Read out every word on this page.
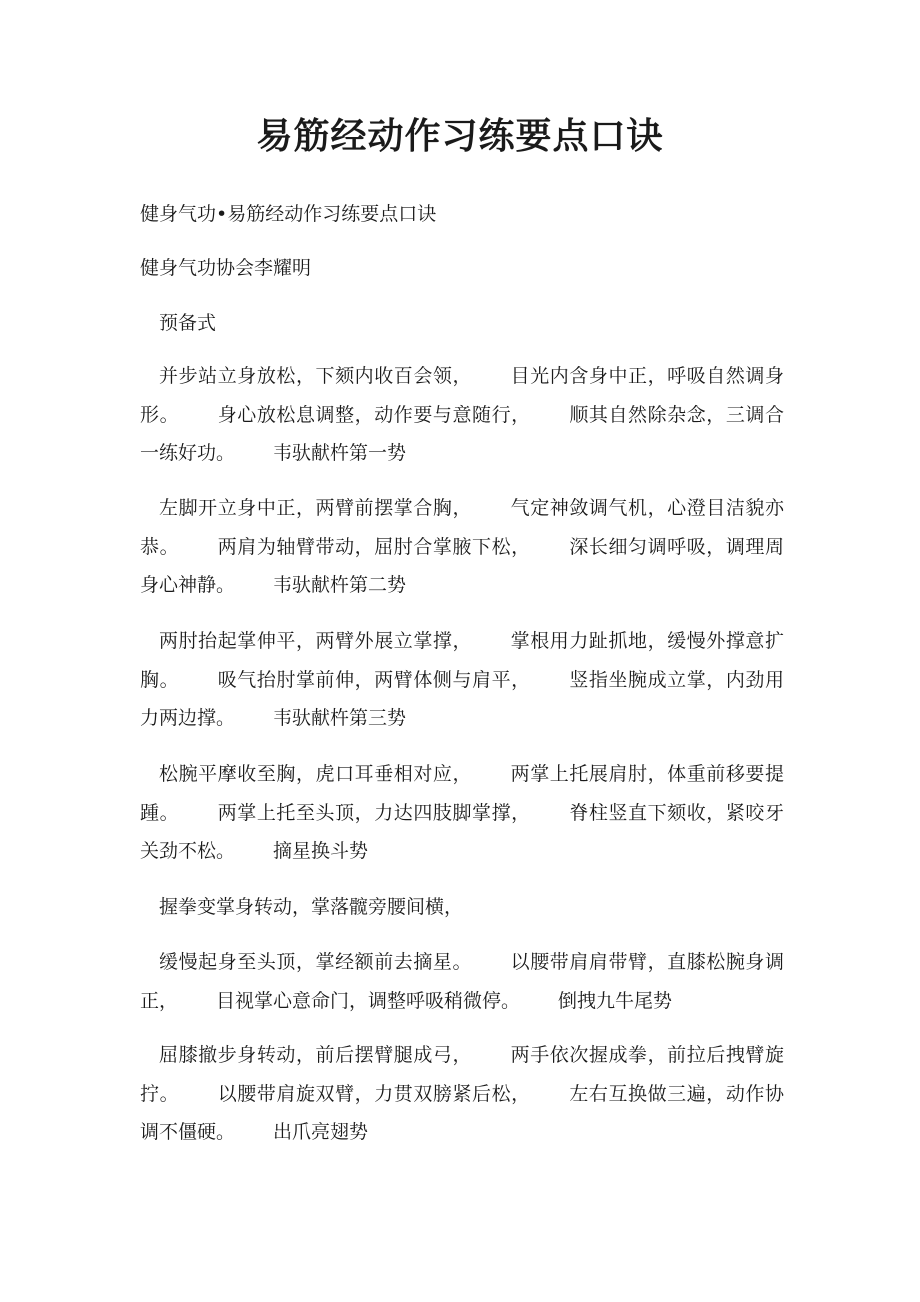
易筋经动作习练要点口诀
健身气功•易筋经动作习练要点口诀
健身气功协会李耀明
预备式
并步站立身放松，下颏内收百会领， 目光内含身中正，呼吸自然调身形。 身心放松息调整，动作要与意随行， 顺其自然除杂念，三调合一练好功。 韦驮献杵第一势
左脚开立身中正，两臂前摆掌合胸， 气定神敛调气机，心澄目洁貌亦恭。 两肩为轴臂带动，屈肘合掌腋下松， 深长细匀调呼吸，调理周身心神静。 韦驮献杵第二势
两肘抬起掌伸平，两臂外展立掌撑， 掌根用力趾抓地，缓慢外撑意扩胸。 吸气抬肘掌前伸，两臂体侧与肩平， 竖指坐腕成立掌，内劲用力两边撑。 韦驮献杵第三势
松腕平摩收至胸，虎口耳垂相对应， 两掌上托展肩肘，体重前移要提踵。 两掌上托至头顶，力达四肢脚掌撑， 脊柱竖直下颏收，紧咬牙关劲不松。 摘星换斗势
握拳变掌身转动，掌落髋旁腰间横，
缓慢起身至头顶，掌经额前去摘星。 以腰带肩肩带臂，直膝松腕身调正， 目视掌心意命门，调整呼吸稍微停。 倒拽九牛尾势
屈膝撤步身转动，前后摆臂腿成弓， 两手依次握成拳，前拉后拽臂旋拧。 以腰带肩旋双臂，力贯双膀紧后松， 左右互换做三遍，动作协调不僵硬。 出爪亮翅势
